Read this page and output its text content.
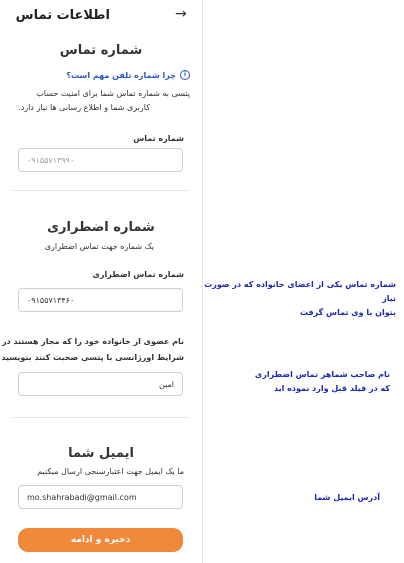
اطلاعات تماس	→
شماره تماس
i
چرا شماره تلفن مهم است؟
پتسی به شماره تماس شما برای امنیت حساب
کاربری شما و اطلاع رسانی ها نیاز دارد.
شماره تماس
۰۹۱۵۵۷۱۳۹۹۰
شماره اضطراری
یک شماره جهت تماس اضطراری
شماره تماس اضطراری
۰۹۱۵۵۷۱۳۴۶۰
نام عضوی از خانواده خود را که مجاز هستند در
شرایط اورژانسی با پتسی صحبت کنند بنویسید
امین
ایمیل شما
ما یک ایمیل جهت اعتبارسنجی ارسال میکنیم
mo.shahrabadi@gmail.com
ذخیره و ادامه
شماره تماس یکی از اعضای خانواده که در صورت نیاز
بتوان با وی تماس گرفت
نام صاحب شماهر تماس اضطراری
که در فیلد قبل وارد نموده اید
آدرس ایمیل شما
